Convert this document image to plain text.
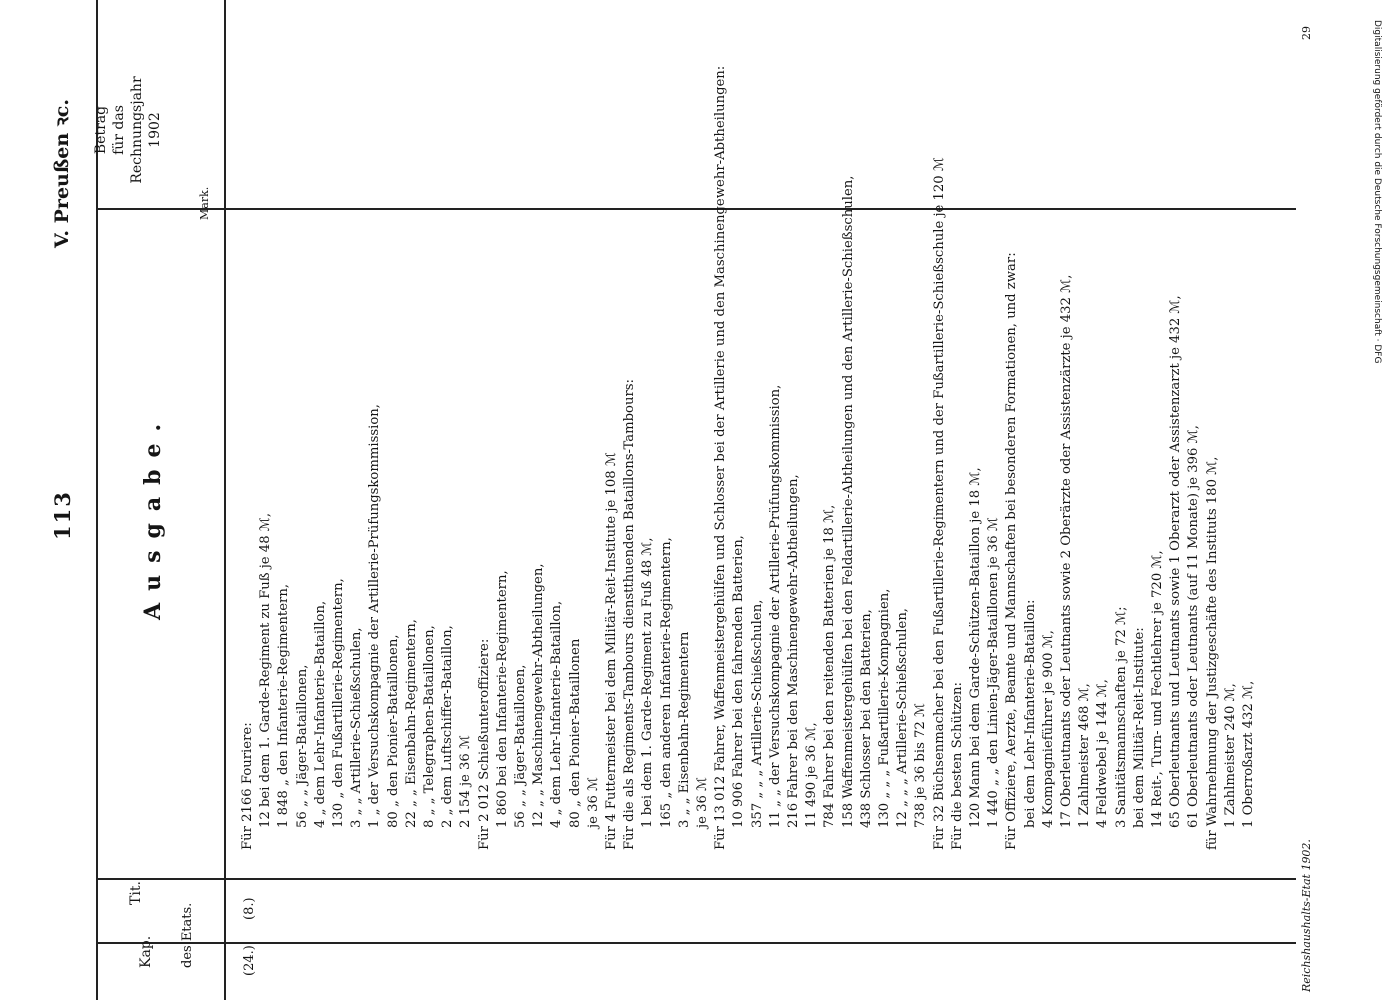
113
V. Preußen ꝛc.
Ausgabe.
Kap.
Tit.
des Etats.
Betrag für das Rechnungsjahr 1902
Mark.
(24.)
(8.)
Für 2166 Fouriere: 12 bei dem 1. Garde-Regiment zu Fuß je 48 ℳ, 1 848 „ den Infanterie-Regimentern, 56 „ „ Jäger-Bataillonen, 4 „ dem Lehr-Infanterie-Bataillon, 130 „ den Fußartillerie-Regimentern, 3 „ „ Artillerie-Schießschulen, 1 „ der Versuchskompagnie der Artillerie-Prüfungskommission, 80 „ den Pionier-Bataillonen, 22 „ „ Eisenbahn-Regimentern, 8 „ „ Telegraphen-Bataillonen, 2 „ dem Luftschiffer-Bataillon, 2 154 je 36 ℳ Für 2 012 Schießunteroffiziere: 1 860 bei den Infanterie-Regimentern, 56 „ „ Jäger-Bataillonen, 12 „ „ Maschinengewehr-Abtheilungen, 4 „ dem Lehr-Infanterie-Bataillon, 80 „ den Pionier-Bataillonen je 36 ℳ Für 4 Futtermeister bei dem Militär-Reit-Institute je 108 ℳ Für die als Regiments-Tambours dienstthuenden Bataillons-Tambours: 1 bei dem 1. Garde-Regiment zu Fuß 48 ℳ, 165 „ den anderen Infanterie-Regimentern, 3 „ „ Eisenbahn-Regimentern je 36 ℳ Für 13 012 Fahrer, Waffenmeistergehülfen und Schlosser bei der Artillerie und den Maschinengewehr-Abtheilungen: 10 906 Fahrer bei den fahrenden Batterien, 357 „ „ „ Artillerie-Schießschulen, 11 „ „ der Versuchskompagnie der Artillerie-Prüfungskommission, 216 Fahrer bei den Maschinengewehr-Abtheilungen, 11 490 je 36 ℳ, 784 Fahrer bei den reitenden Batterien je 18 ℳ, 158 Waffenmeistergehülfen bei den Feldartillerie-Abtheilungen und den Artillerie-Schießschulen, 438 Schlosser bei den Batterien, 130 „ „ „ Fußartillerie-Kompagnien, 12 „ „ „ Artillerie-Schießschulen, 738 je 36 bis 72 ℳ Für 32 Büchsenmacher bei den Fußartillerie-Regimentern und der Fußartillerie-Schießschule je 120 ℳ Für die besten Schützen: 120 Mann bei dem Garde-Schützen-Bataillon je 18 ℳ, 1 440 „ „ den Linien-Jäger-Bataillonen je 36 ℳ Für Offiziere, Aerzte, Beamte und Mannschaften bei besonderen Formationen, und zwar: bei dem Lehr-Infanterie-Bataillon: 4 Kompagnieführer je 900 ℳ, 17 Oberleutnants oder Leutnants sowie 2 Oberärzte oder Assistenzärzte je 432 ℳ, 1 Zahlmeister 468 ℳ, 4 Feldwebel je 144 ℳ, 3 Sanitätsmannschaften je 72 ℳ; bei dem Militär-Reit-Institute: 14 Reit-, Turn- und Fechtlehrer je 720 ℳ, 65 Oberleutnants und Leutnants sowie 1 Oberarzt oder Assistenzarzt je 432 ℳ, 61 Oberleutnants oder Leutnants (auf 11 Monate) je 396 ℳ, für Wahrnehmung der Justizgeschäfte des Instituts 180 ℳ, 1 Zahlmeister 240 ℳ, 1 Oberroßarzt 432 ℳ,
Reichshaushalts-Etat 1902.
29	Digitalisierung gefördert durch die Deutsche Forschungsgemeinschaft · DFG
